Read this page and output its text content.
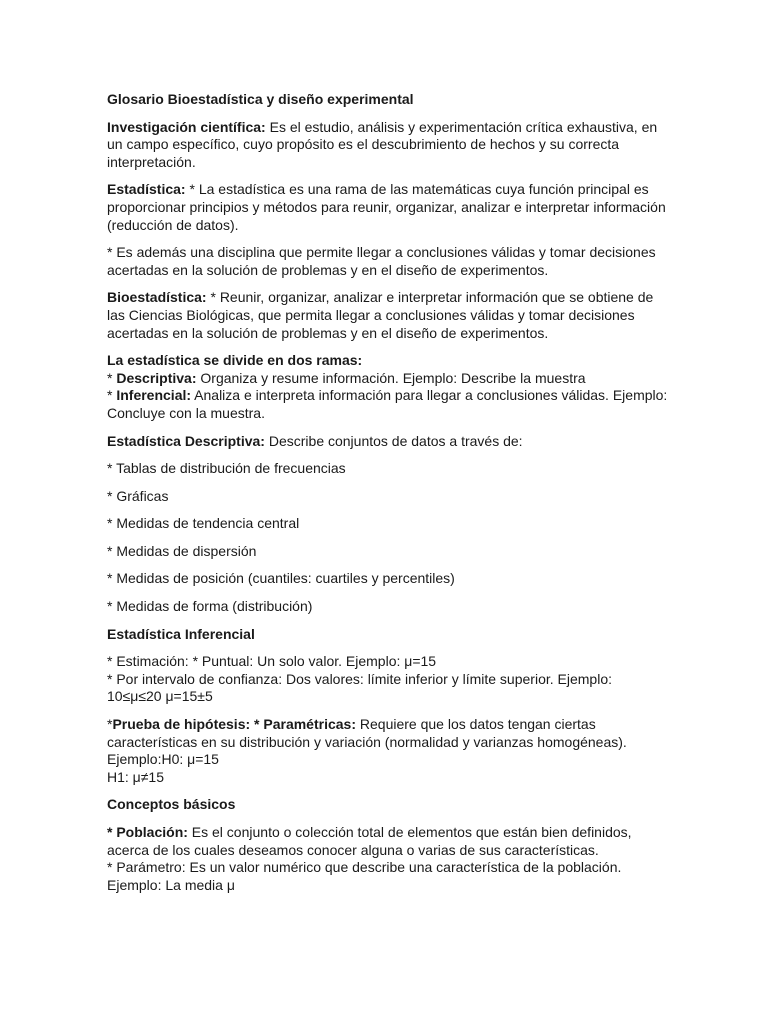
Glosario Bioestadística y diseño experimental

Investigación científica: Es el estudio, análisis y experimentación crítica exhaustiva, en un campo específico, cuyo propósito es el descubrimiento de hechos y su correcta interpretación.

Estadística: * La estadística es una rama de las matemáticas cuya función principal es proporcionar principios y métodos para reunir, organizar, analizar e interpretar información (reducción de datos).

* Es además una disciplina que permite llegar a conclusiones válidas y tomar decisiones acertadas en la solución de problemas y en el diseño de experimentos.

Bioestadística: * Reunir, organizar, analizar e interpretar información que se obtiene de las Ciencias Biológicas, que permita llegar a conclusiones válidas y tomar decisiones acertadas en la solución de problemas y en el diseño de experimentos.

La estadística se divide en dos ramas:
* Descriptiva: Organiza y resume información. Ejemplo: Describe la muestra
* Inferencial: Analiza e interpreta información para llegar a conclusiones válidas. Ejemplo: Concluye con la muestra.

Estadística Descriptiva: Describe conjuntos de datos a través de:

* Tablas de distribución de frecuencias

* Gráficas

* Medidas de tendencia central

* Medidas de dispersión

* Medidas de posición (cuantiles: cuartiles y percentiles)

* Medidas de forma (distribución)

Estadística Inferencial

* Estimación: * Puntual: Un solo valor. Ejemplo: μ=15
* Por intervalo de confianza: Dos valores: límite inferior y límite superior. Ejemplo: 10≤μ≤20 μ=15±5

*Prueba de hipótesis: * Paramétricas: Requiere que los datos tengan ciertas características en su distribución y variación (normalidad y varianzas homogéneas).
Ejemplo:H0: μ=15
H1: μ≠15

Conceptos básicos

* Población: Es el conjunto o colección total de elementos que están bien definidos, acerca de los cuales deseamos conocer alguna o varias de sus características.
* Parámetro: Es un valor numérico que describe una característica de la población.
Ejemplo: La media μ
